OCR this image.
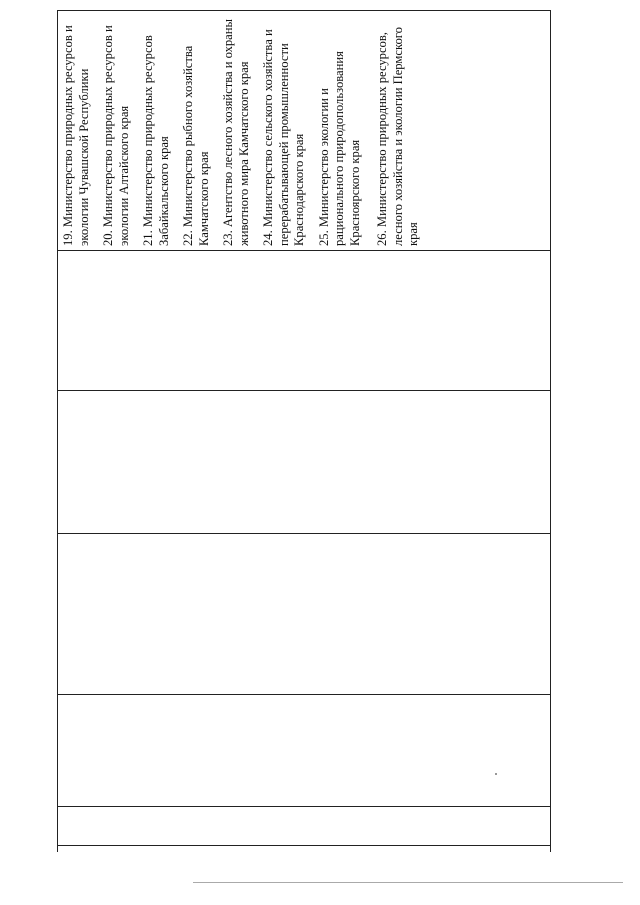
19. Министерство природных ресурсов и экологии Чувашской Республики 20. Министерство природных ресурсов и экологии Алтайского края 21. Министерство природных ресурсов Забайкальского края 22. Министерство рыбного хозяйства Камчатского края 23. Агентство лесного хозяйства и охраны животного мира Камчатского края 24. Министерство сельского хозяйства и перерабатывающей промышленности Краснодарского края 25. Министерство экологии и рационального природопользования Красноярского края 26. Министерство природных ресурсов, лесного хозяйства и экологии Пермского края
